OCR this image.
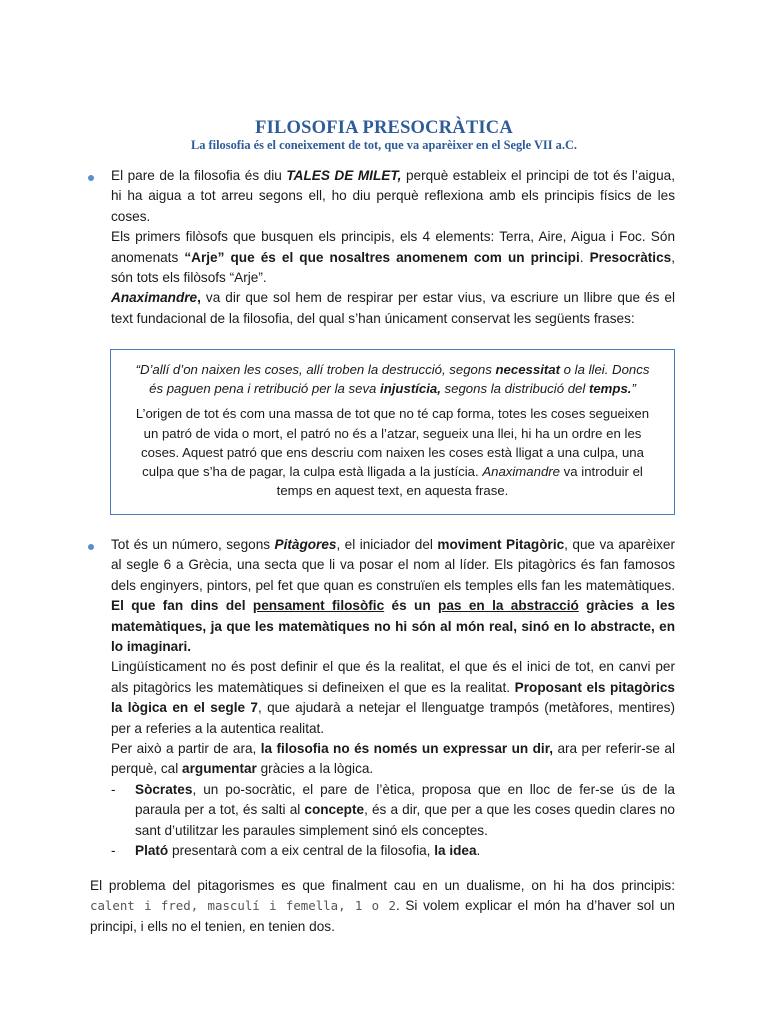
FILOSOFIA PRESOCRÀTICA
La filosofia és el coneixement de tot, que va aparèixer en el Segle VII a.C.

El pare de la filosofia és diu TALES DE MILET, perquè estableix el principi de tot és l’aigua, hi ha aigua a tot arreu segons ell, ho diu perquè reflexiona amb els principis físics de les coses.

Els primers filòsofs que busquen els principis, els 4 elements: Terra, Aire, Aigua i Foc. Són anomenats “Arje” que és el que nosaltres anomenem com un principi. Presocràtics, són tots els filòsofs “Arje”.

Anaximandre, va dir que sol hem de respirar per estar vius, va escriure un llibre que és el text fundacional de la filosofia, del qual s’han únicament conservat les següents frases:

“D’allí d’on naixen les coses, allí troben la destrucció, segons necessitat o la llei. Doncs és paguen pena i retribució per la seva injustícia, segons la distribució del temps.”

L’origen de tot és com una massa de tot que no té cap forma, totes les coses segueixen un patró de vida o mort, el patró no és a l’atzar, segueix una llei, hi ha un ordre en les coses. Aquest patró que ens descriu com naixen les coses està lligat a una culpa, una culpa que s’ha de pagar, la culpa està lligada a la justícia. Anaximandre va introduir el temps en aquest text, en aquesta frase.

Tot és un número, segons Pitàgores, el iniciador del moviment Pitagòric, que va aparèixer al segle 6 a Grècia, una secta que li va posar el nom al líder. Els pitagòrics és fan famosos dels enginyers, pintors, pel fet que quan es construïen els temples ells fan les matemàtiques. El que fan dins del pensament filosòfic és un pas en la abstracció gràcies a les matemàtiques, ja que les matemàtiques no hi són al món real, sinó en lo abstracte, en lo imaginari.

Lingüísticament no és post definir el que és la realitat, el que és el inici de tot, en canvi per als pitagòrics les matemàtiques si defineixen el que es la realitat. Proposant els pitagòrics la lògica en el segle 7, que ajudarà a netejar el llenguatge trampós (metàfores, mentires) per a referies a la autentica realitat.

Per això a partir de ara, la filosofia no és només un expressar un dir, ara per referir-se al perquè, cal argumentar gràcies a la lògica.

- Sòcrates, un po-socràtic, el pare de l’ètica, proposa que en lloc de fer-se ús de la paraula per a tot, és salti al concepte, és a dir, que per a que les coses quedin clares no sant d’utilitzar les paraules simplement sinó els conceptes.

- Plató presentarà com a eix central de la filosofia, la idea.

El problema del pitagorismes es que finalment cau en un dualisme, on hi ha dos principis: calent i fred, masculí i femella, 1 o 2. Si volem explicar el món ha d’haver sol un principi, i ells no el tenien, en tenien dos.
